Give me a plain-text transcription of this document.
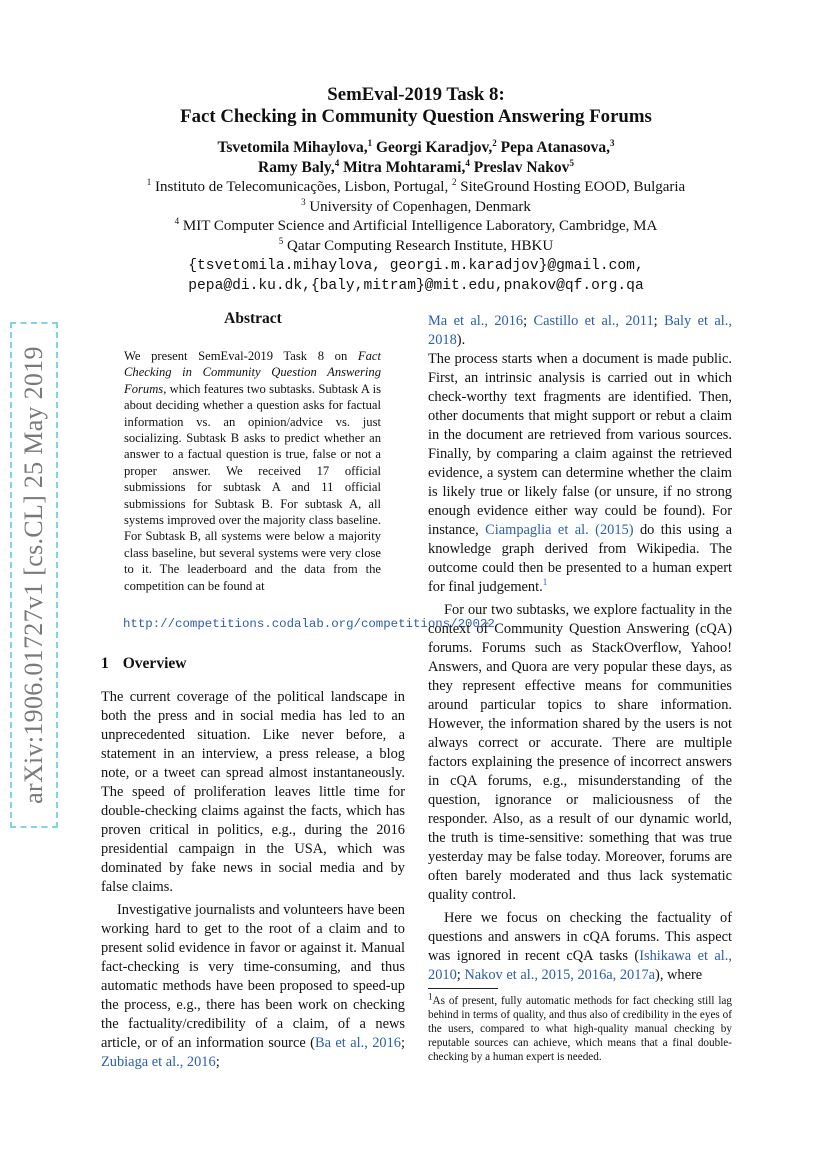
arXiv:1906.01727v1 [cs.CL] 25 May 2019
SemEval-2019 Task 8:
Fact Checking in Community Question Answering Forums
Tsvetomila Mihaylova,$^1$ Georgi Karadjov,$^2$ Pepa Atanasova,$^3$
Ramy Baly,$^4$ Mitra Mohtarami,$^4$ Preslav Nakov$^5$
$^1$ Instituto de Telecomunicações, Lisbon, Portugal, $^2$ SiteGround Hosting EOOD, Bulgaria
$^3$ University of Copenhagen, Denmark
$^4$ MIT Computer Science and Artificial Intelligence Laboratory, Cambridge, MA
$^5$ Qatar Computing Research Institute, HBKU
{tsvetomila.mihaylova, georgi.m.karadjov}@gmail.com,
pepa@di.ku.dk,{baly,mitram}@mit.edu,pnakov@qf.org.qa
Abstract
We present SemEval-2019 Task 8 on Fact Checking in Community Question Answering Forums, which features two subtasks. Subtask A is about deciding whether a question asks for factual information vs. an opinion/advice vs. just socializing. Subtask B asks to predict whether an answer to a factual question is true, false or not a proper answer. We received 17 official submissions for subtask A and 11 official submissions for Subtask B. For subtask A, all systems improved over the majority class baseline. For Subtask B, all systems were below a majority class baseline, but several systems were very close to it. The leaderboard and the data from the competition can be found at
http://competitions.codalab.org/competitions/20022
1 Overview

The current coverage of the political landscape in both the press and in social media has led to an unprecedented situation. Like never before, a statement in an interview, a press release, a blog note, or a tweet can spread almost instantaneously. The speed of proliferation leaves little time for double-checking claims against the facts, which has proven critical in politics, e.g., during the 2016 presidential campaign in the USA, which was dominated by fake news in social media and by false claims.

Investigative journalists and volunteers have been working hard to get to the root of a claim and to present solid evidence in favor or against it. Manual fact-checking is very time-consuming, and thus automatic methods have been proposed to speed-up the process, e.g., there has been work on checking the factuality/credibility of a claim, of a news article, or of an information source (Ba et al., 2016; Zubiaga et al., 2016;

Ma et al., 2016; Castillo et al., 2011; Baly et al., 2018).

The process starts when a document is made public. First, an intrinsic analysis is carried out in which check-worthy text fragments are identified. Then, other documents that might support or rebut a claim in the document are retrieved from various sources. Finally, by comparing a claim against the retrieved evidence, a system can determine whether the claim is likely true or likely false (or unsure, if no strong enough evidence either way could be found). For instance, Ciampaglia et al. (2015) do this using a knowledge graph derived from Wikipedia. The outcome could then be presented to a human expert for final judgement.$^1$

For our two subtasks, we explore factuality in the context of Community Question Answering (cQA) forums. Forums such as StackOverflow, Yahoo! Answers, and Quora are very popular these days, as they represent effective means for communities around particular topics to share information. However, the information shared by the users is not always correct or accurate. There are multiple factors explaining the presence of incorrect answers in cQA forums, e.g., misunderstanding of the question, ignorance or maliciousness of the responder. Also, as a result of our dynamic world, the truth is time-sensitive: something that was true yesterday may be false today. Moreover, forums are often barely moderated and thus lack systematic quality control.

Here we focus on checking the factuality of questions and answers in cQA forums. This aspect was ignored in recent cQA tasks (Ishikawa et al., 2010; Nakov et al., 2015, 2016a, 2017a), where

$^1$As of present, fully automatic methods for fact checking still lag behind in terms of quality, and thus also of credibility in the eyes of the users, compared to what high-quality manual checking by reputable sources can achieve, which means that a final double-checking by a human expert is needed.
